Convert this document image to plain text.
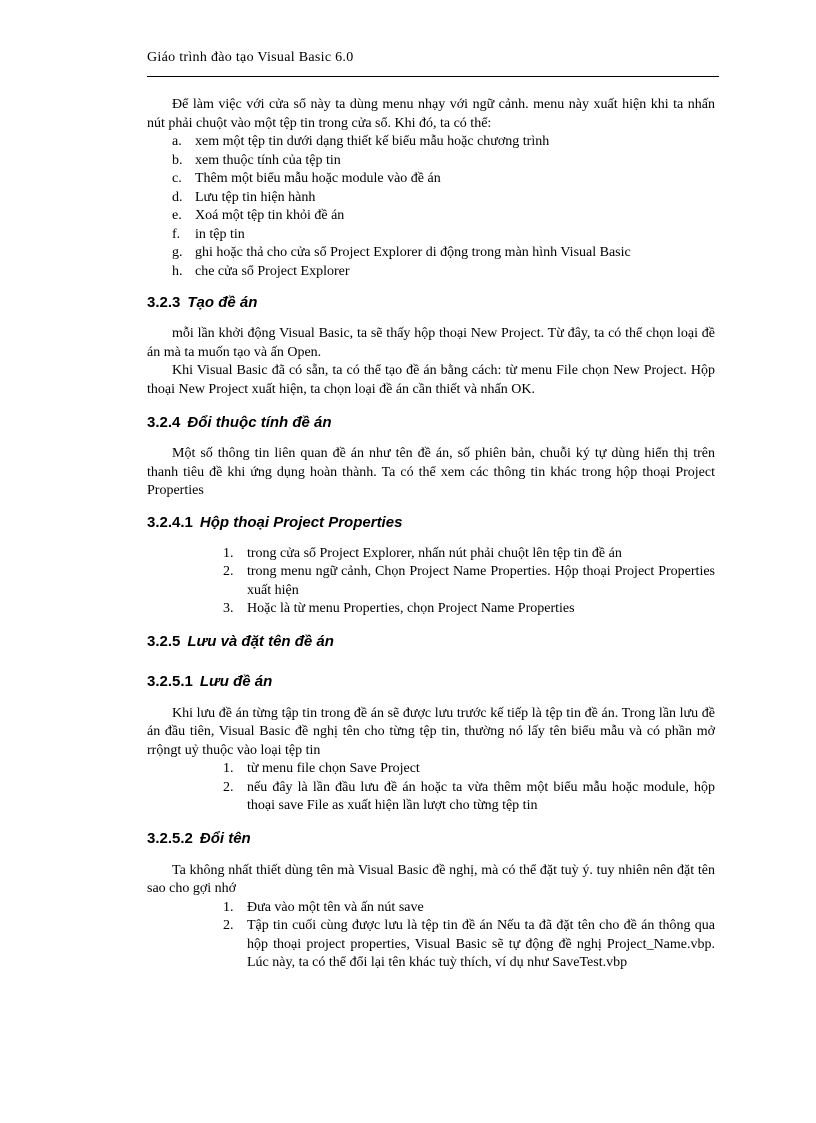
Giáo trình đào tạo Visual Basic 6.0

Để làm việc với cửa sổ này ta dùng menu nhạy với ngữ cảnh. menu này xuất hiện khi ta nhấn nút phải chuột vào một tệp tin trong cửa sổ. Khi đó, ta có thể:

a. xem một tệp tin dưới dạng thiết kế biểu mẫu hoặc chương trình
b. xem thuộc tính của tệp tin
c. Thêm một biểu mẫu hoặc module vào đề án
d. Lưu tệp tin hiện hành
e. Xoá một tệp tin khỏi đề án
f. in tệp tin
g. ghi hoặc thả cho cửa sổ Project Explorer di động trong màn hình Visual Basic
h. che cửa sổ Project Explorer
3.2.3 Tạo đề án

mỗi lần khởi động Visual Basic, ta sẽ thấy hộp thoại New Project. Từ đây, ta có thể chọn loại đề án mà ta muốn tạo và ấn Open.

Khi Visual Basic đã có sẵn, ta có thể tạo đề án bằng cách: từ menu File chọn New Project. Hộp thoại New Project xuất hiện, ta chọn loại đề án cần thiết và nhấn OK.

3.2.4 Đổi thuộc tính đề án

Một số thông tin liên quan đề án như tên đề án, số phiên bản, chuỗi ký tự dùng hiển thị trên thanh tiêu đề khi ứng dụng hoàn thành. Ta có thể xem các thông tin khác trong hộp thoại Project Properties

3.2.4.1 Hộp thoại Project Properties
1. trong cửa sổ Project Explorer, nhấn nút phải chuột lên tệp tin đề án
2. trong menu ngữ cảnh, Chọn Project Name Properties. Hộp thoại Project Properties xuất hiện
3. Hoặc là từ menu Properties, chọn Project Name Properties
3.2.5 Lưu và đặt tên đề án
3.2.5.1 Lưu đề án

Khi lưu đề án từng tập tin trong đề án sẽ được lưu trước kế tiếp là tệp tin đề án. Trong lần lưu đề án đầu tiên, Visual Basic đề nghị tên cho từng tệp tin, thường nó lấy tên biểu mẫu và có phần mở rrộngt uỷ thuộc vào loại tệp tin

1. từ menu file chọn Save Project
2. nếu đây là lần đầu lưu đề án hoặc ta vừa thêm một biểu mẫu hoặc module, hộp thoại save File as xuất hiện lần lượt cho từng tệp tin
3.2.5.2 Đổi tên

Ta không nhất thiết dùng tên mà Visual Basic đề nghị, mà có thể đặt tuỳ ý. tuy nhiên nên đặt tên sao cho gợi nhớ

1. Đưa vào một tên và ấn nút save
2. Tập tin cuối cùng được lưu là tệp tin đề án Nếu ta đã đặt tên cho đề án thông qua hộp thoại project properties, Visual Basic sẽ tự động đề nghị Project_Name.vbp. Lúc này, ta có thể đổi lại tên khác tuỳ thích, ví dụ như SaveTest.vbp
